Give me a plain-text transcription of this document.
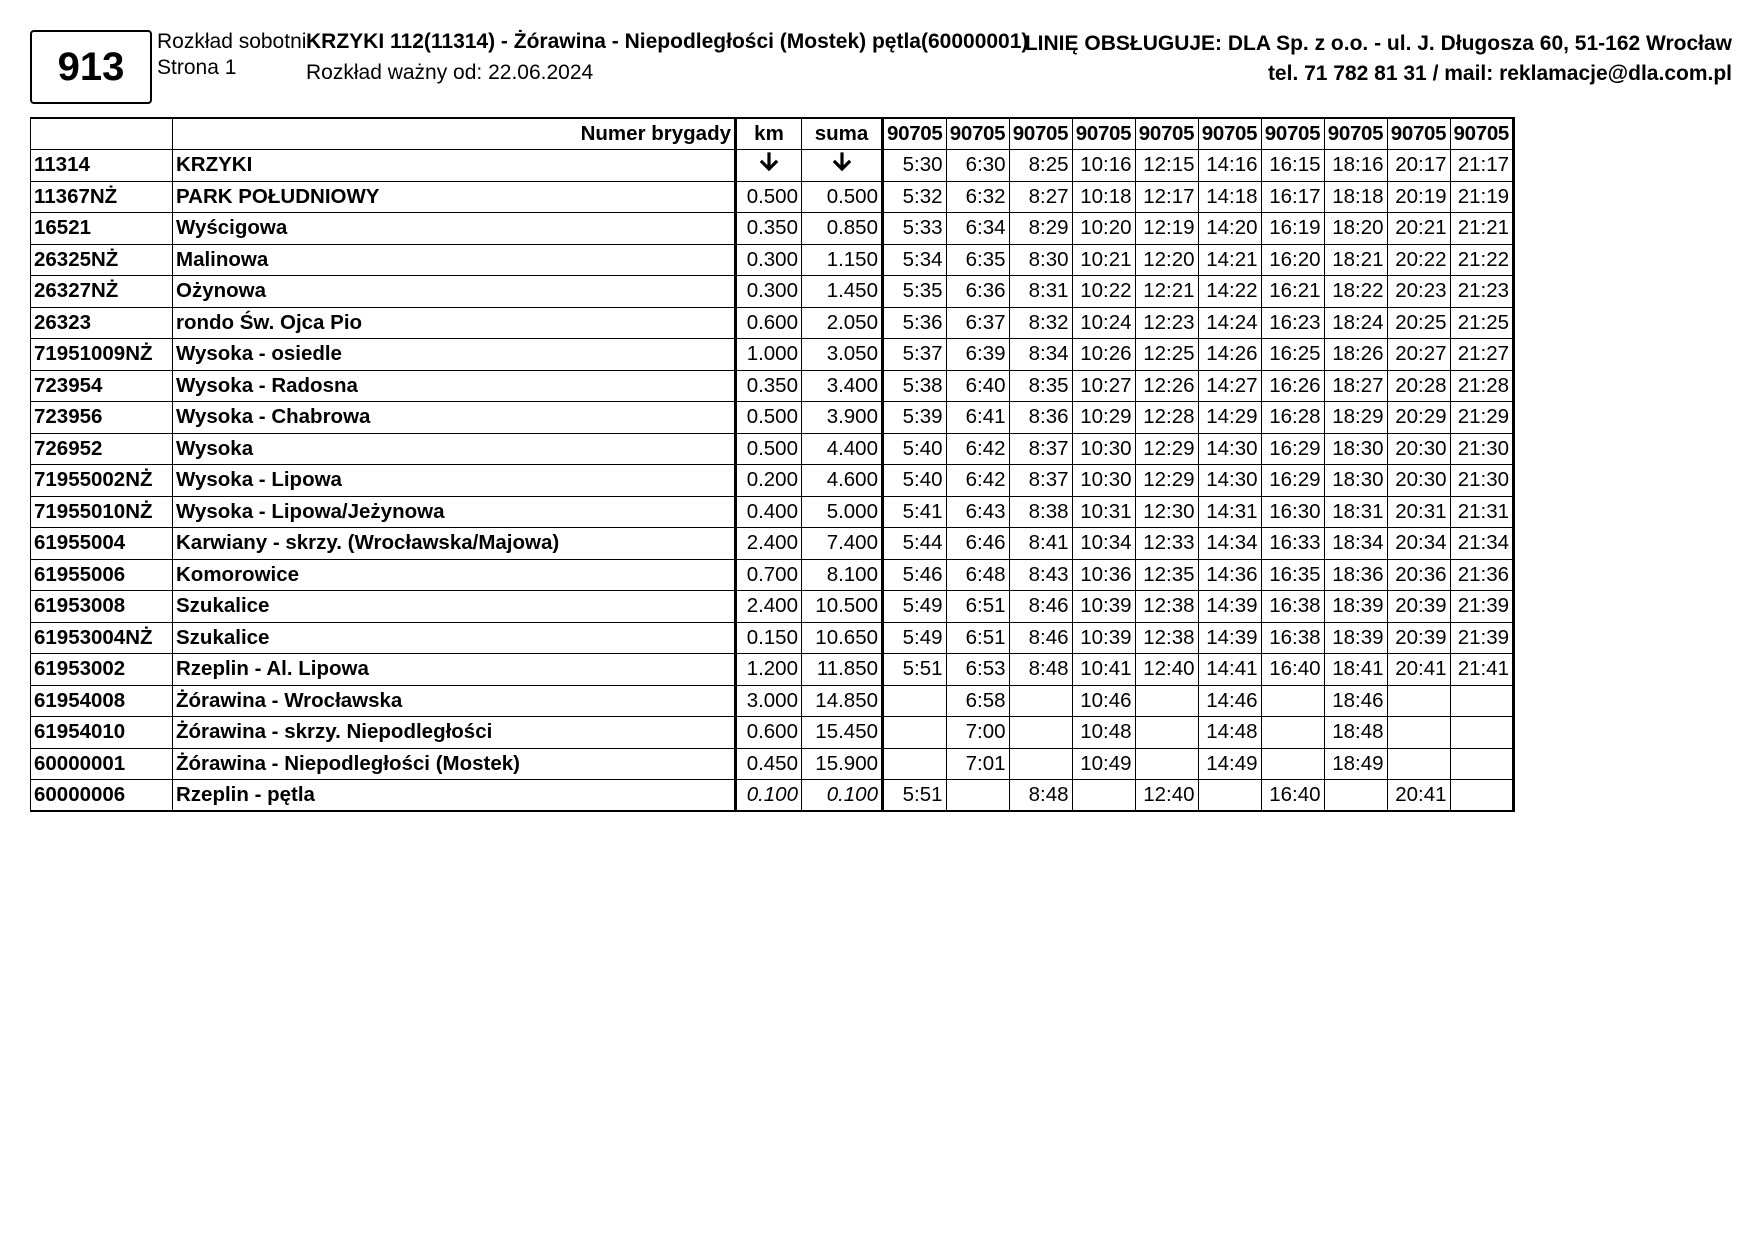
913
Rozkład sobotni
Strona 1
KRZYKI 112(11314) - Żórawina - Niepodległości (Mostek) pętla(60000001)
Rozkład ważny od: 22.06.2024
LINIĘ OBSŁUGUJE: DLA Sp. z o.o. - ul. J. Długosza 60, 51-162 Wrocław
tel. 71 782 81 31 / mail: reklamacje@dla.com.pl
	Numer brygady	km	suma	90705	90705	90705	90705	90705	90705	90705	90705	90705	90705
11314	KRZYKI			5:30	6:30	8:25	10:16	12:15	14:16	16:15	18:16	20:17	21:17
11367NŻ	PARK POŁUDNIOWY	0.500	0.500	5:32	6:32	8:27	10:18	12:17	14:18	16:17	18:18	20:19	21:19
16521	Wyścigowa	0.350	0.850	5:33	6:34	8:29	10:20	12:19	14:20	16:19	18:20	20:21	21:21
26325NŻ	Malinowa	0.300	1.150	5:34	6:35	8:30	10:21	12:20	14:21	16:20	18:21	20:22	21:22
26327NŻ	Ożynowa	0.300	1.450	5:35	6:36	8:31	10:22	12:21	14:22	16:21	18:22	20:23	21:23
26323	rondo Św. Ojca Pio	0.600	2.050	5:36	6:37	8:32	10:24	12:23	14:24	16:23	18:24	20:25	21:25
71951009NŻ	Wysoka - osiedle	1.000	3.050	5:37	6:39	8:34	10:26	12:25	14:26	16:25	18:26	20:27	21:27
723954	Wysoka - Radosna	0.350	3.400	5:38	6:40	8:35	10:27	12:26	14:27	16:26	18:27	20:28	21:28
723956	Wysoka - Chabrowa	0.500	3.900	5:39	6:41	8:36	10:29	12:28	14:29	16:28	18:29	20:29	21:29
726952	Wysoka	0.500	4.400	5:40	6:42	8:37	10:30	12:29	14:30	16:29	18:30	20:30	21:30
71955002NŻ	Wysoka - Lipowa	0.200	4.600	5:40	6:42	8:37	10:30	12:29	14:30	16:29	18:30	20:30	21:30
71955010NŻ	Wysoka - Lipowa/Jeżynowa	0.400	5.000	5:41	6:43	8:38	10:31	12:30	14:31	16:30	18:31	20:31	21:31
61955004	Karwiany - skrzy. (Wrocławska/Majowa)	2.400	7.400	5:44	6:46	8:41	10:34	12:33	14:34	16:33	18:34	20:34	21:34
61955006	Komorowice	0.700	8.100	5:46	6:48	8:43	10:36	12:35	14:36	16:35	18:36	20:36	21:36
61953008	Szukalice	2.400	10.500	5:49	6:51	8:46	10:39	12:38	14:39	16:38	18:39	20:39	21:39
61953004NŻ	Szukalice	0.150	10.650	5:49	6:51	8:46	10:39	12:38	14:39	16:38	18:39	20:39	21:39
61953002	Rzeplin - Al. Lipowa	1.200	11.850	5:51	6:53	8:48	10:41	12:40	14:41	16:40	18:41	20:41	21:41
61954008	Żórawina - Wrocławska	3.000	14.850		6:58		10:46		14:46		18:46		
61954010	Żórawina - skrzy. Niepodległości	0.600	15.450		7:00		10:48		14:48		18:48		
60000001	Żórawina - Niepodległości (Mostek)	0.450	15.900		7:01		10:49		14:49		18:49		
60000006	Rzeplin - pętla	0.100	0.100	5:51		8:48		12:40		16:40		20:41	
